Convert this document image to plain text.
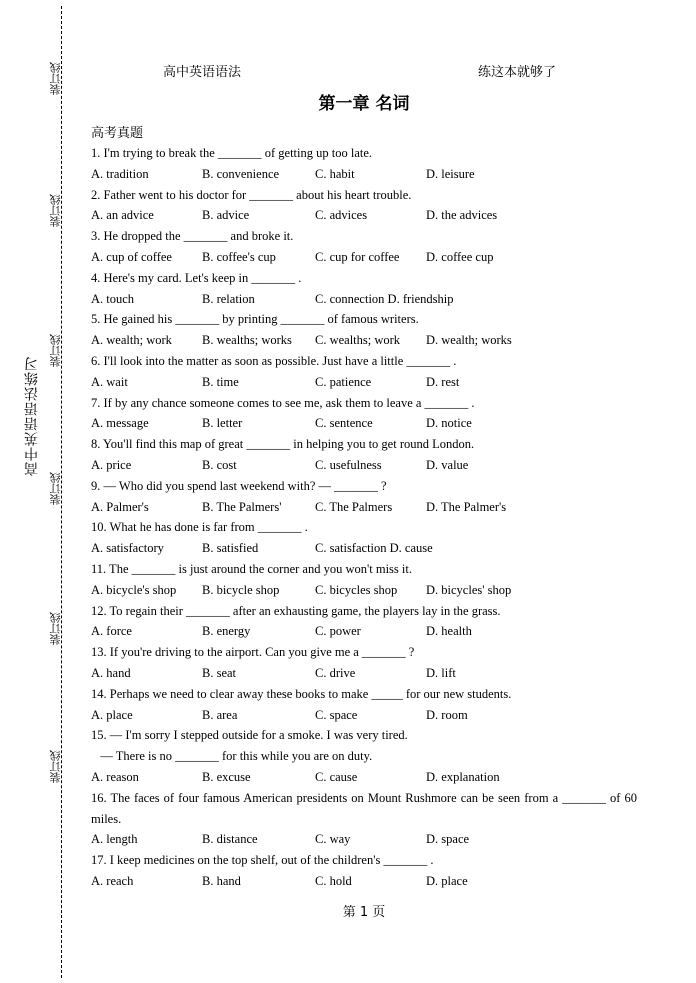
装订线
装订线
装订线
装订线
装订线
装订线
高中英语语法练习
高中英语语法	练这本就够了
第一章 名词
高考真题
1. I'm trying to break the _______ of getting up too late.
A. tradition	B. convenience	C. habit	D. leisure
2. Father went to his doctor for _______ about his heart trouble.
A. an advice	B. advice	C. advices	D. the advices
3. He dropped the _______ and broke it.
A. cup of coffee B. coffee's cup	C. cup for coffee D. coffee cup
4. Here's my card. Let's keep in _______ .
A. touch	B. relation	C. connection D. friendship
5. He gained his _______ by printing _______ of famous writers.
A. wealth; work B. wealths; works C. wealths; work D. wealth; works
6. I'll look into the matter as soon as possible. Just have a little _______ .
A. wait	B. time	C. patience	D. rest
7. If by any chance someone comes to see me, ask them to leave a _______ .
A. message	B. letter	C. sentence	D. notice
8. You'll find this map of great _______ in helping you to get round London.
A. price	B. cost	C. usefulness	D. value
9. — Who did you spend last weekend with? — _______ ?
A. Palmer's	B. The Palmers'	C. The Palmers	D. The Palmer's
10. What he has done is far from _______ .
A. satisfactory	B. satisfied	C. satisfaction D. cause
11. The _______ is just around the corner and you won't miss it.
A. bicycle's shop B. bicycle shop	C. bicycles shop D. bicycles' shop
12. To regain their _______ after an exhausting game, the players lay in the grass.
A. force	B. energy	C. power	D. health
13. If you're driving to the airport. Can you give me a _______ ?
A. hand	B. seat	C. drive	D. lift
14. Perhaps we need to clear away these books to make _____ for our new students.
A. place	B. area	C. space	D. room
15. — I'm sorry I stepped outside for a smoke. I was very tired.
— There is no _______ for this while you are on duty.
A. reason	B. excuse	C. cause	D. explanation
16. The faces of four famous American presidents on Mount Rushmore can be seen from a _______ of 60 miles.
A. length	B. distance	C. way	D. space
17. I keep medicines on the top shelf, out of the children's _______ .
A. reach	B. hand	C. hold	D. place
第 1 页
